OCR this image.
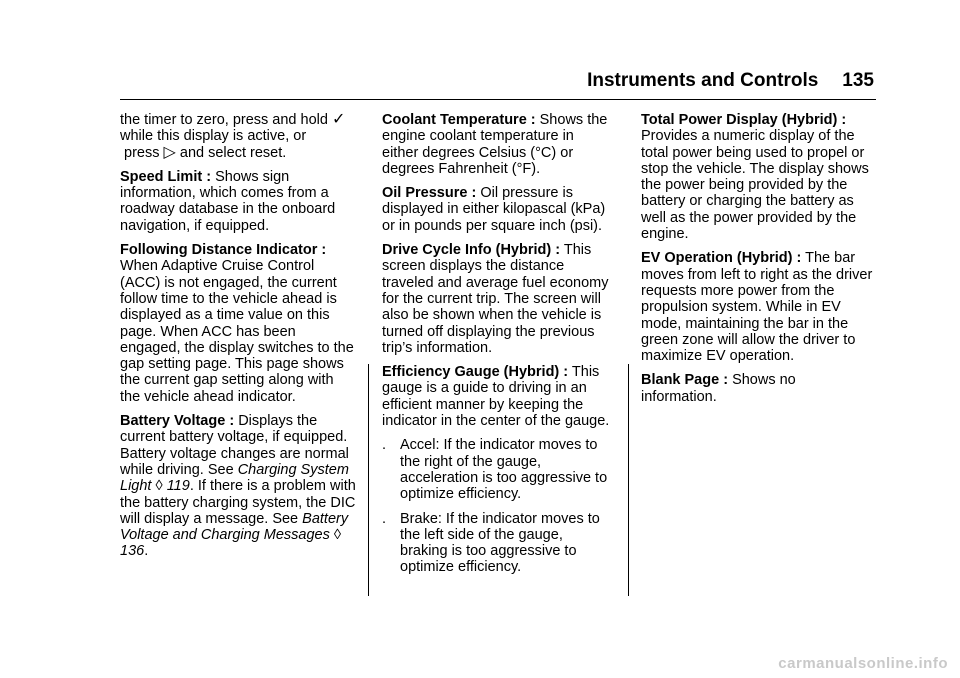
Instruments and Controls 135

the timer to zero, press and hold ✓
while this display is active, or
press ▷ and select reset.

Speed Limit : Shows sign information, which comes from a roadway database in the onboard navigation, if equipped.

Following Distance Indicator : When Adaptive Cruise Control (ACC) is not engaged, the current follow time to the vehicle ahead is displayed as a time value on this page. When ACC has been engaged, the display switches to the gap setting page. This page shows the current gap setting along with the vehicle ahead indicator.

Battery Voltage : Displays the current battery voltage, if equipped. Battery voltage changes are normal while driving. See Charging System Light ◊ 119. If there is a problem with the battery charging system, the DIC will display a message. See Battery Voltage and Charging Messages ◊ 136.

Coolant Temperature : Shows the engine coolant temperature in either degrees Celsius (°C) or degrees Fahrenheit (°F).

Oil Pressure : Oil pressure is displayed in either kilopascal (kPa) or in pounds per square inch (psi).

Drive Cycle Info (Hybrid) : This screen displays the distance traveled and average fuel economy for the current trip. The screen will also be shown when the vehicle is turned off displaying the previous trip’s information.

Efficiency Gauge (Hybrid) : This gauge is a guide to driving in an efficient manner by keeping the indicator in the center of the gauge.

. Accel: If the indicator moves to the right of the gauge, acceleration is too aggressive to optimize efficiency.
. Brake: If the indicator moves to the left side of the gauge, braking is too aggressive to optimize efficiency.

Total Power Display (Hybrid) :
Provides a numeric display of the total power being used to propel or stop the vehicle. The display shows the power being provided by the battery or charging the battery as well as the power provided by the engine.

EV Operation (Hybrid) : The bar moves from left to right as the driver requests more power from the propulsion system. While in EV mode, maintaining the bar in the green zone will allow the driver to maximize EV operation.

Blank Page : Shows no information.

carmanualsonline.info
